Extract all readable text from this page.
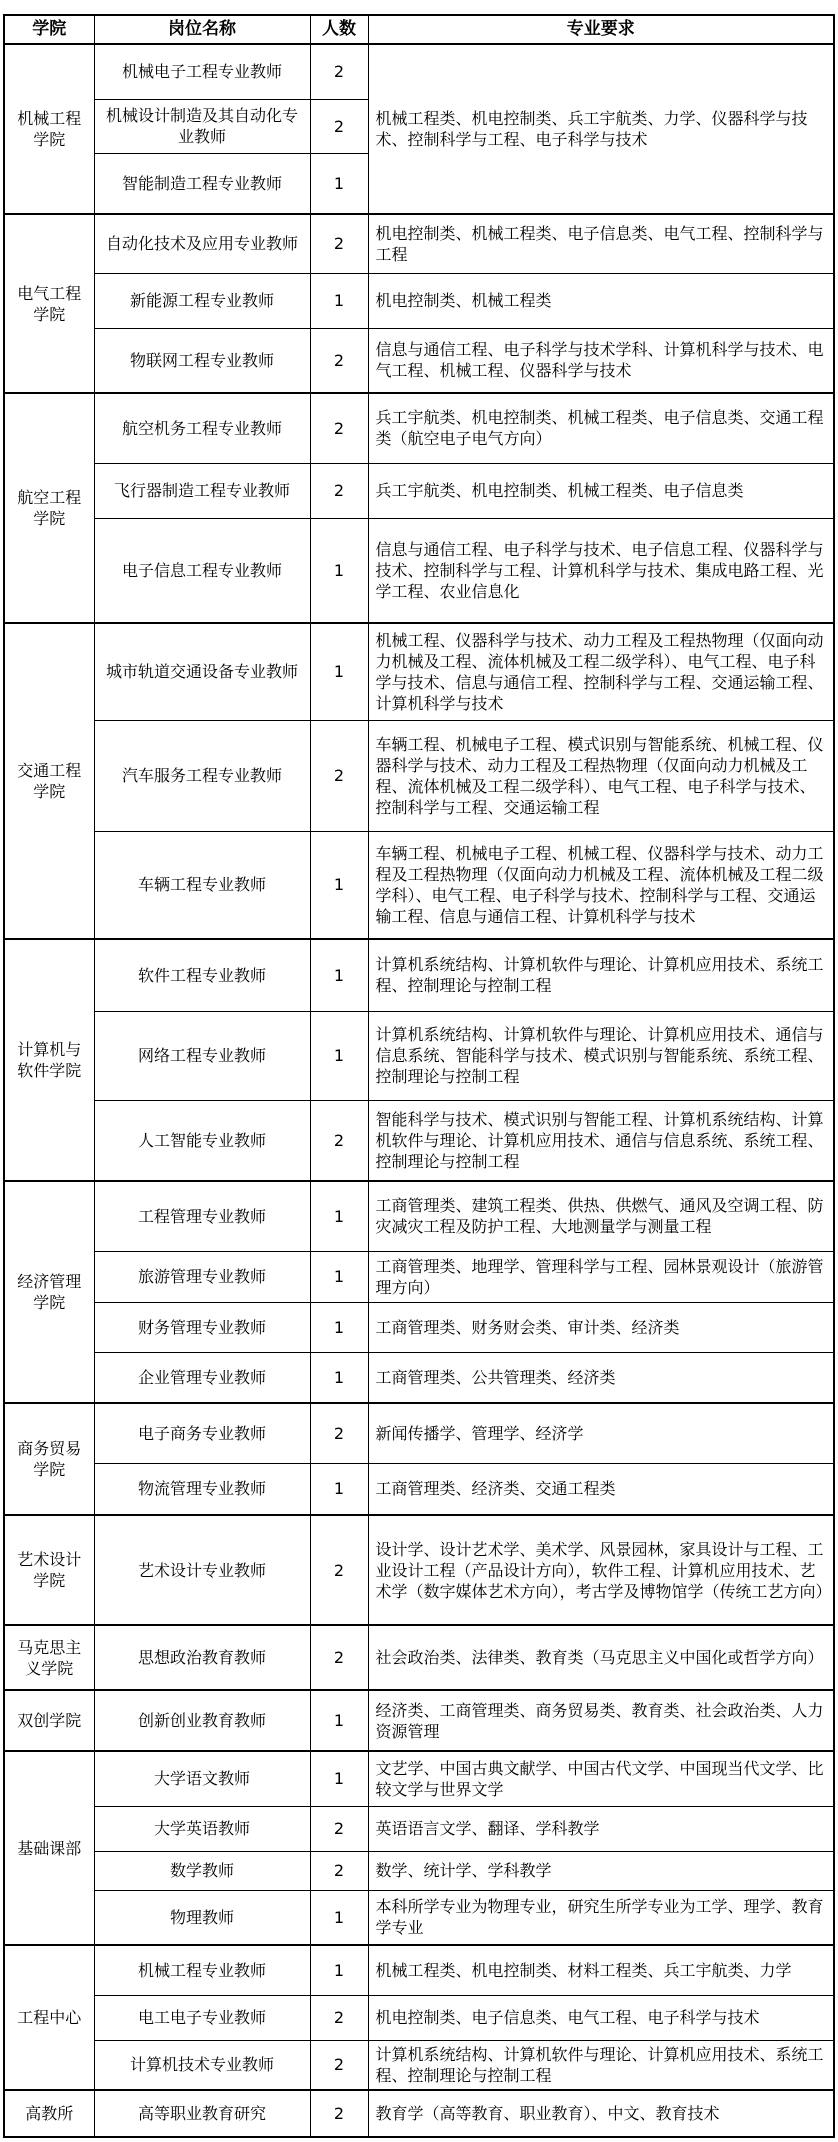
学院	岗位名称	人数	专业要求
机械工程学院	机械电子工程专业教师	2	机械工程类、机电控制类、兵工宇航类、力学、仪器科学与技术、控制科学与工程、电子科学与技术
	机械设计制造及其自动化专业教师	2	
	智能制造工程专业教师	1	
电气工程学院	自动化技术及应用专业教师	2	机电控制类、机械工程类、电子信息类、电气工程、控制科学与工程
	新能源工程专业教师	1	机电控制类、机械工程类
	物联网工程专业教师	2	信息与通信工程、电子科学与技术学科、计算机科学与技术、电气工程、机械工程、仪器科学与技术
航空工程学院	航空机务工程专业教师	2	兵工宇航类、机电控制类、机械工程类、电子信息类、交通工程类（航空电子电气方向）
	飞行器制造工程专业教师	2	兵工宇航类、机电控制类、机械工程类、电子信息类
	电子信息工程专业教师	1	信息与通信工程、电子科学与技术、电子信息工程、仪器科学与技术、控制科学与工程、计算机科学与技术、集成电路工程、光学工程、农业信息化
交通工程学院	城市轨道交通设备专业教师	1	机械工程、仪器科学与技术、动力工程及工程热物理（仅面向动力机械及工程、流体机械及工程二级学科）、电气工程、电子科学与技术、信息与通信工程、控制科学与工程、交通运输工程、计算机科学与技术
	汽车服务工程专业教师	2	车辆工程、机械电子工程、模式识别与智能系统、机械工程、仪器科学与技术、动力工程及工程热物理（仅面向动力机械及工程、流体机械及工程二级学科）、电气工程、电子科学与技术、控制科学与工程、交通运输工程
	车辆工程专业教师	1	车辆工程、机械电子工程、机械工程、仪器科学与技术、动力工程及工程热物理（仅面向动力机械及工程、流体机械及工程二级学科）、电气工程、电子科学与技术、控制科学与工程、交通运输工程、信息与通信工程、计算机科学与技术
计算机与软件学院	软件工程专业教师	1	计算机系统结构、计算机软件与理论、计算机应用技术、系统工程、控制理论与控制工程
	网络工程专业教师	1	计算机系统结构、计算机软件与理论、计算机应用技术、通信与信息系统、智能科学与技术、模式识别与智能系统、系统工程、控制理论与控制工程
	人工智能专业教师	2	智能科学与技术、模式识别与智能工程、计算机系统结构、计算机软件与理论、计算机应用技术、通信与信息系统、系统工程、控制理论与控制工程
经济管理学院	工程管理专业教师	1	工商管理类、建筑工程类、供热、供燃气、通风及空调工程、防灾减灾工程及防护工程、大地测量学与测量工程
	旅游管理专业教师	1	工商管理类、地理学、管理科学与工程、园林景观设计（旅游管理方向）
	财务管理专业教师	1	工商管理类、财务财会类、审计类、经济类
	企业管理专业教师	1	工商管理类、公共管理类、经济类
商务贸易学院	电子商务专业教师	2	新闻传播学、管理学、经济学
	物流管理专业教师	1	工商管理类、经济类、交通工程类
艺术设计学院	艺术设计专业教师	2	设计学、设计艺术学、美术学、风景园林，家具设计与工程、工业设计工程（产品设计方向），软件工程、计算机应用技术、艺术学（数字媒体艺术方向），考古学及博物馆学（传统工艺方向）
马克思主义学院	思想政治教育教师	2	社会政治类、法律类、教育类（马克思主义中国化或哲学方向）
双创学院	创新创业教育教师	1	经济类、工商管理类、商务贸易类、教育类、社会政治类、人力资源管理
基础课部	大学语文教师	1	文艺学、中国古典文献学、中国古代文学、中国现当代文学、比较文学与世界文学
	大学英语教师	2	英语语言文学、翻译、学科教学
	数学教师	2	数学、统计学、学科教学
	物理教师	1	本科所学专业为物理专业，研究生所学专业为工学、理学、教育学专业
工程中心	机械工程专业教师	1	机械工程类、机电控制类、材料工程类、兵工宇航类、力学
	电工电子专业教师	2	机电控制类、电子信息类、电气工程、电子科学与技术
	计算机技术专业教师	2	计算机系统结构、计算机软件与理论、计算机应用技术、系统工程、控制理论与控制工程
高教所	高等职业教育研究	2	教育学（高等教育、职业教育）、中文、教育技术
